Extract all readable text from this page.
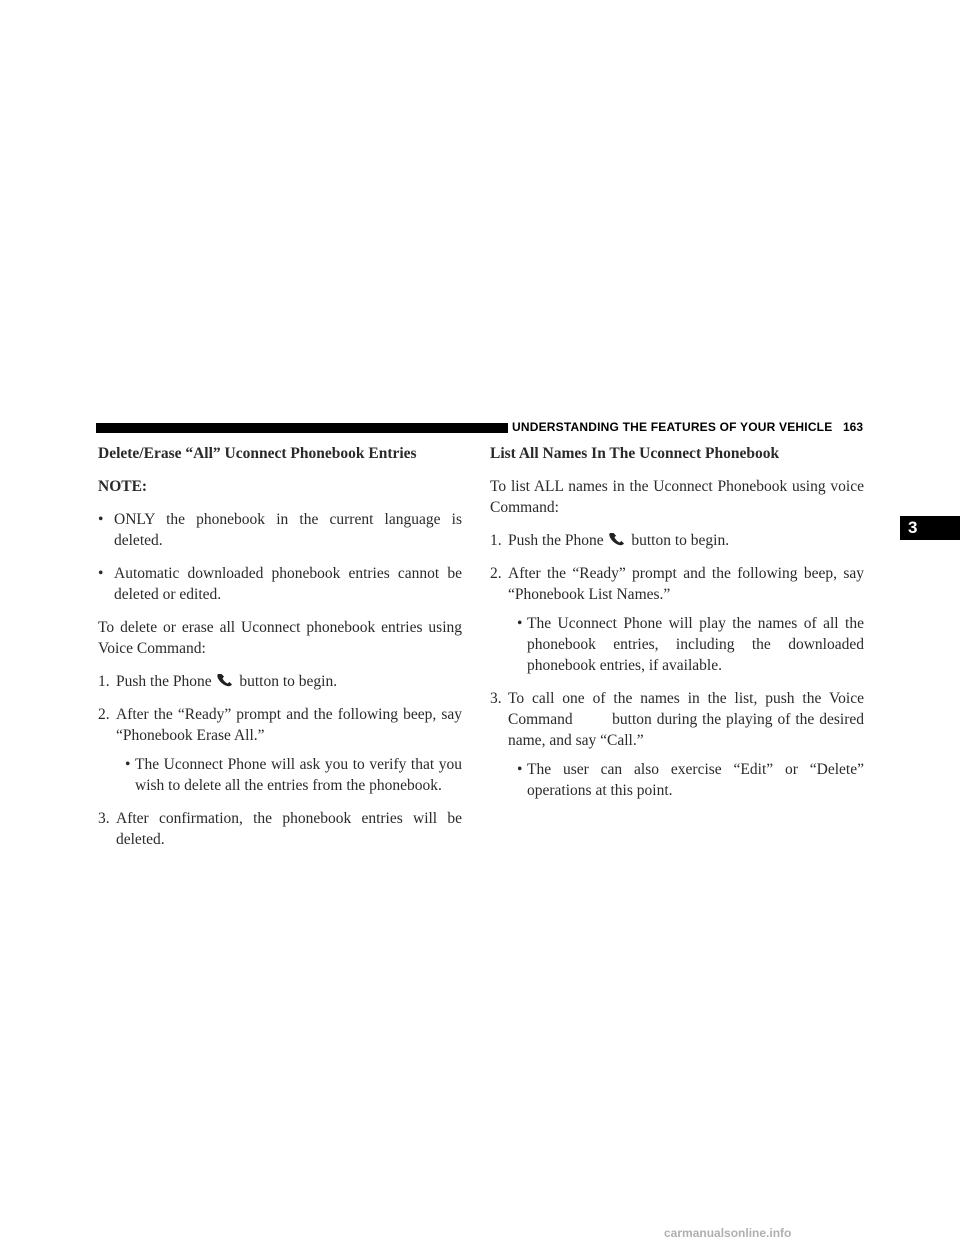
UNDERSTANDING THE FEATURES OF YOUR VEHICLE 163
3
Delete/Erase “All” Uconnect Phonebook Entries
NOTE:
• ONLY the phonebook in the current language is deleted.
• Automatic downloaded phonebook entries cannot be deleted or edited.

To delete or erase all Uconnect phonebook entries using Voice Command:

1. Push the Phone button to begin.
2. After the “Ready” prompt and the following beep, say “Phonebook Erase All.”
• The Uconnect Phone will ask you to verify that you wish to delete all the entries from the phonebook.
3. After confirmation, the phonebook entries will be deleted.
List All Names In The Uconnect Phonebook

To list ALL names in the Uconnect Phonebook using voice Command:

1. Push the Phone button to begin.
2. After the “Ready” prompt and the following beep, say “Phonebook List Names.”
• The Uconnect Phone will play the names of all the phonebook entries, including the downloaded phonebook entries, if available.
3. To call one of the names in the list, push the Voice Command        button during the playing of the desired name, and say “Call.”
• The user can also exercise “Edit” or “Delete” operations at this point.
carmanualsonline.info
